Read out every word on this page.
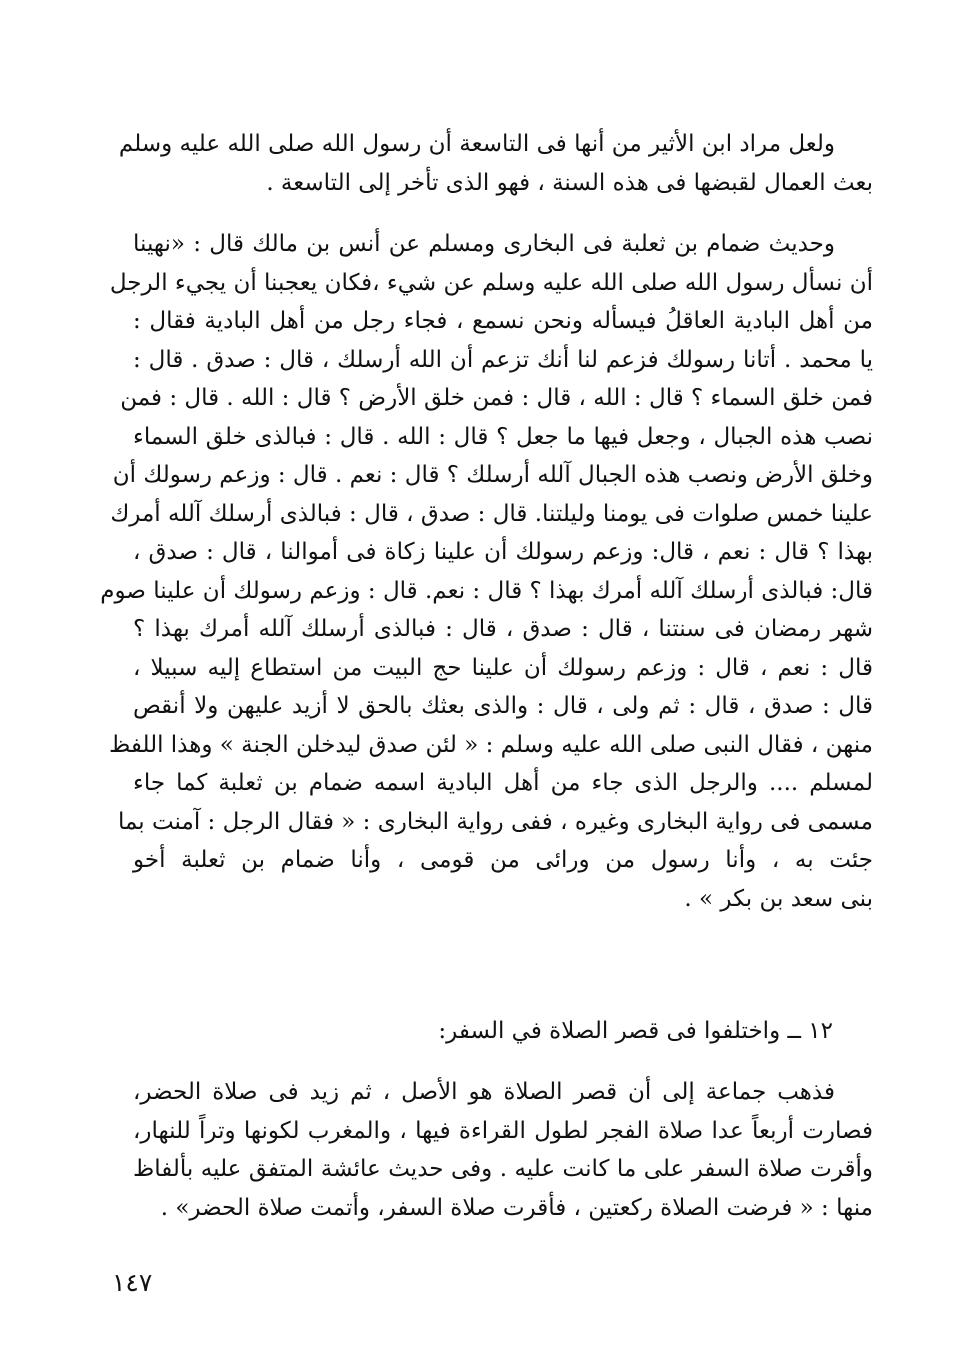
ولعل مراد ابن الأثير من أنها فى التاسعة أن رسول الله صلى الله عليه وسلم
بعث العمال لقبضها فى هذه السنة ، فهو الذى تأخر إلى التاسعة .
وحديث ضمام بن ثعلبة فى البخارى ومسلم عن أنس بن مالك قال : «نهينا
أن نسأل رسول الله صلى الله عليه وسلم عن شيء ،فكان يعجبنا أن يجيء الرجل
من أهل البادية العاقلُ فيسأله ونحن نسمع ، فجاء رجل من أهل البادية فقال :
يا محمد . أتانا رسولك فزعم لنا أنك تزعم أن الله أرسلك ، قال : صدق . قال :
فمن خلق السماء ؟ قال : الله ، قال : فمن خلق الأرض ؟ قال : الله . قال : فمن
نصب هذه الجبال ، وجعل فيها ما جعل ؟ قال : الله . قال : فبالذى خلق السماء
وخلق الأرض ونصب هذه الجبال آلله أرسلك ؟ قال : نعم . قال : وزعم رسولك أن
علينا خمس صلوات فى يومنا وليلتنا. قال : صدق ، قال : فبالذى أرسلك آلله أمرك
بهذا ؟ قال : نعم ، قال: وزعم رسولك أن علينا زكاة فى أموالنا ، قال : صدق ،
قال: فبالذى أرسلك آلله أمرك بهذا ؟ قال : نعم. قال : وزعم رسولك أن علينا صوم
شهر رمضان فى سنتنا ، قال : صدق ، قال : فبالذى أرسلك آلله أمرك بهذا ؟
قال : نعم ، قال : وزعم رسولك أن علينا حج البيت من استطاع إليه سبيلا ،
قال : صدق ، قال : ثم ولى ، قال : والذى بعثك بالحق لا أزيد عليهن ولا أنقص
منهن ، فقال النبى صلى الله عليه وسلم : « لئن صدق ليدخلن الجنة » وهذا اللفظ
لمسلم .... والرجل الذى جاء من أهل البادية اسمه ضمام بن ثعلبة كما جاء
مسمى فى رواية البخارى وغيره ، ففى رواية البخارى : « فقال الرجل : آمنت بما
جئت به ، وأنا رسول من ورائى من قومى ، وأنا ضمام بن ثعلبة أخو
بنى سعد بن بكر » .
١٢ ــ واختلفوا فى قصر الصلاة في السفر:
فذهب جماعة إلى أن قصر الصلاة هو الأصل ، ثم زيد فى صلاة الحضر،
فصارت أربعاً عدا صلاة الفجر لطول القراءة فيها ، والمغرب لكونها وتراً للنهار،
وأقرت صلاة السفر على ما كانت عليه . وفى حديث عائشة المتفق عليه بألفاظ
منها : « فرضت الصلاة ركعتين ، فأقرت صلاة السفر، وأتمت صلاة الحضر» .
١٤٧
